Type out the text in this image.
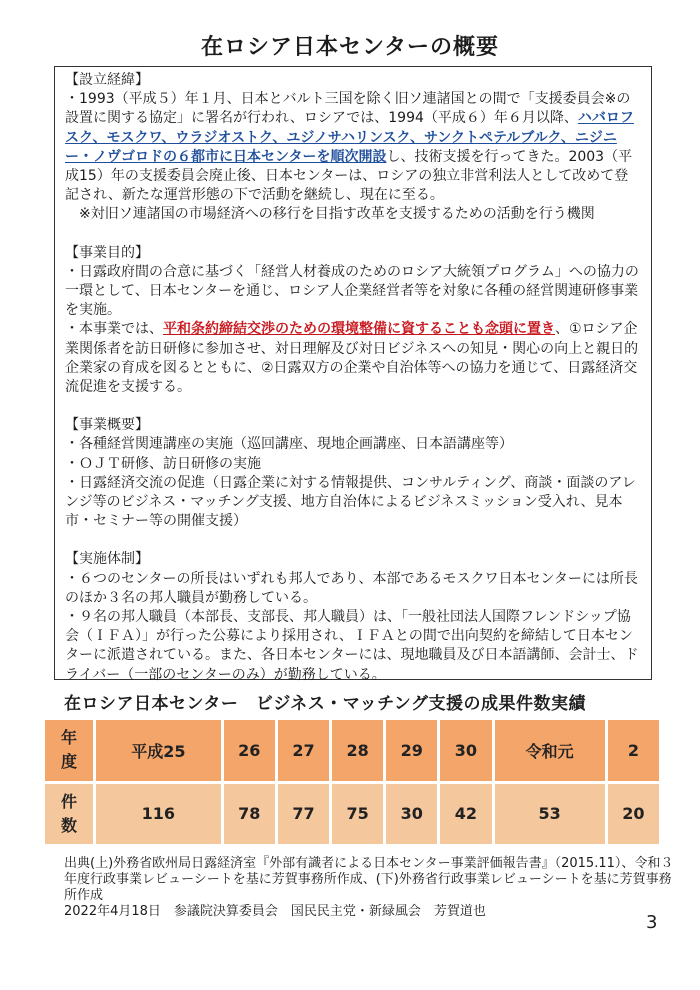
在ロシア日本センターの概要
【設立経緯】
・1993（平成５）年１月、日本とバルト三国を除く旧ソ連諸国との間で「支援委員会※の設置に関する協定」に署名が行われ、ロシアでは、1994（平成６）年６月以降、ハバロフスク、モスクワ、ウラジオストク、ユジノサハリンスク、サンクトペテルブルク、ニジニー・ノヴゴロドの６都市に日本センターを順次開設し、技術支援を行ってきた。2003（平成15）年の支援委員会廃止後、日本センターは、ロシアの独立非営利法人として改めて登記され、新たな運営形態の下で活動を継続し、現在に至る。
※対旧ソ連諸国の市場経済への移行を目指す改革を支援するための活動を行う機関
【事業目的】
・日露政府間の合意に基づく「経営人材養成のためのロシア大統領プログラム」への協力の一環として、日本センターを通じ、ロシア人企業経営者等を対象に各種の経営関連研修事業を実施。
・本事業では、平和条約締結交渉のための環境整備に資することも念頭に置き、①ロシア企業関係者を訪日研修に参加させ、対日理解及び対日ビジネスへの知見・関心の向上と親日的企業家の育成を図るとともに、②日露双方の企業や自治体等への協力を通じて、日露経済交流促進を支援する。
【事業概要】
・各種経営関連講座の実施（巡回講座、現地企画講座、日本語講座等）
・ＯＪＴ研修、訪日研修の実施
・日露経済交流の促進（日露企業に対する情報提供、コンサルティング、商談・面談のアレンジ等のビジネス・マッチング支援、地方自治体によるビジネスミッション受入れ、見本市・セミナー等の開催支援）
【実施体制】
・６つのセンターの所長はいずれも邦人であり、本部であるモスクワ日本センターには所長のほか３名の邦人職員が勤務している。
・９名の邦人職員（本部長、支部長、邦人職員）は、「一般社団法人国際フレンドシップ協会（ＩＦＡ）」が行った公募により採用され、ＩＦＡとの間で出向契約を締結して日本センターに派遣されている。また、各日本センターには、現地職員及び日本語講師、会計士、ドライバー（一部のセンターのみ）が勤務している。
在ロシア日本センター　ビジネス・マッチング支援の成果件数実績
年
度	平成25	26	27	28	29	30	令和元	2
件
数	116	78	77	75	30	42	53	20
出典(上)外務省欧州局日露経済室『外部有識者による日本センター事業評価報告書』（2015.11）、令和３年度行政事業レビューシートを基に芳賀事務所作成、(下)外務省行政事業レビューシートを基に芳賀事務所作成
2022年4月18日　参議院決算委員会　国民民主党・新緑風会　芳賀道也
3
